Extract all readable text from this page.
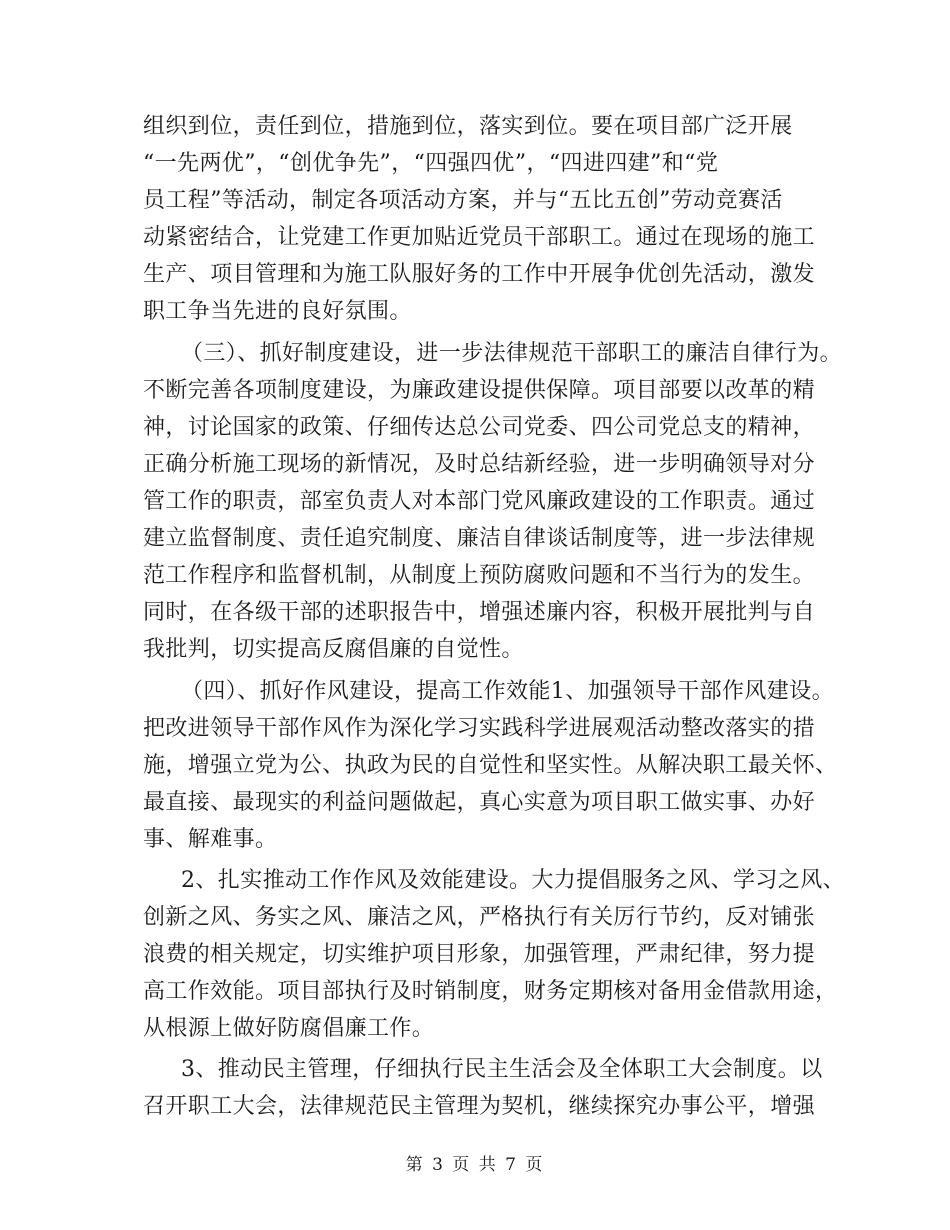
组织到位，责任到位，措施到位，落实到位。要在项目部广泛开展
“一先两优”，“创优争先”，“四强四优”，“四进四建”和“党
员工程”等活动，制定各项活动方案，并与“五比五创”劳动竞赛活
动紧密结合，让党建工作更加贴近党员干部职工。通过在现场的施工
生产、项目管理和为施工队服好务的工作中开展争优创先活动，激发
职工争当先进的良好氛围。
（三）、抓好制度建设，进一步法律规范干部职工的廉洁自律行为。
不断完善各项制度建设，为廉政建设提供保障。项目部要以改革的精
神，讨论国家的政策、仔细传达总公司党委、四公司党总支的精神，
正确分析施工现场的新情况，及时总结新经验，进一步明确领导对分
管工作的职责，部室负责人对本部门党风廉政建设的工作职责。通过
建立监督制度、责任追究制度、廉洁自律谈话制度等，进一步法律规
范工作程序和监督机制，从制度上预防腐败问题和不当行为的发生。
同时，在各级干部的述职报告中，增强述廉内容，积极开展批判与自
我批判，切实提高反腐倡廉的自觉性。
（四）、抓好作风建设，提高工作效能1、加强领导干部作风建设。
把改进领导干部作风作为深化学习实践科学进展观活动整改落实的措
施，增强立党为公、执政为民的自觉性和坚实性。从解决职工最关怀、
最直接、最现实的利益问题做起，真心实意为项目职工做实事、办好
事、解难事。
2、扎实推动工作作风及效能建设。大力提倡服务之风、学习之风、
创新之风、务实之风、廉洁之风，严格执行有关厉行节约，反对铺张
浪费的相关规定，切实维护项目形象，加强管理，严肃纪律，努力提
高工作效能。项目部执行及时销制度，财务定期核对备用金借款用途，
从根源上做好防腐倡廉工作。
3、推动民主管理，仔细执行民主生活会及全体职工大会制度。以
召开职工大会，法律规范民主管理为契机，继续探究办事公平，增强
第 3 页 共 7 页
